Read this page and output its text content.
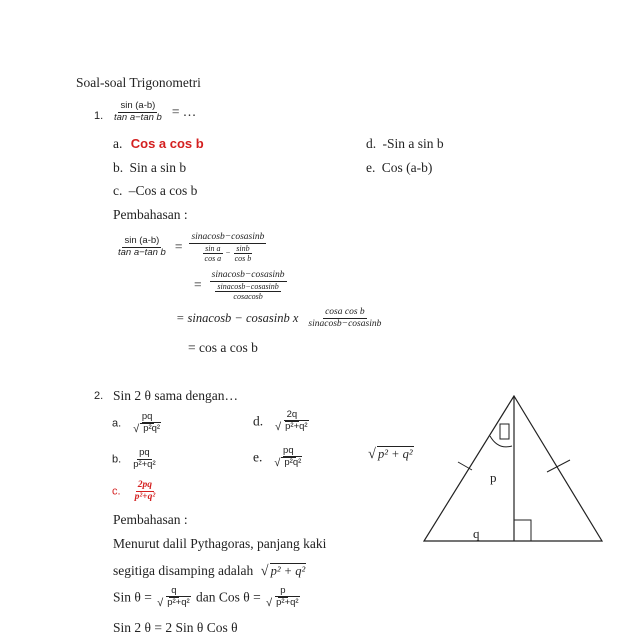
Soal-soal Trigonometri
1. $\frac{\sin (a-b)}{\text{tan a−tan b}}$ = …
a. Cos a cos b
b. Sin a sin b
c. –Cos a cos b
d. -Sin a sin b
e. Cos (a-b)
Pembahasan :
$\frac{\sin (a-b)}{\text{tan a−tan b}}$ =
sinacosb−cosasinb
$\frac{\text{sin a}}{\text{cos a}} - \frac{\sin b}{\text{cos b}}$
= $\frac{\text{sinacosb−cosasinb}}{\frac{\text{sinacosb−cosasinb}}{\text{cosacosb}}}$
= sinacosb − cosasinb x $\frac{\text{cosa cos b}}{\text{sinacosb−cosasinb}}$
= cos a cos b
2. Sin 2 θ sama dengan…
a. $\frac{pq}{\text{√ p²q²}}$
b. $\frac{pq}{\text{p²+q²}}$
c. $\frac{2pq}{\text{p²+q²}}$
d. $\frac{2q}{\text{√ p²+q²}}$
e. $\frac{pq}{\text{√ p²q²}}$	√ p² + q²
Pembahasan :
Menurut dalil Pythagoras, panjang kaki
segitiga disamping adalah √ p² + q²
Sin $\theta = \frac{q}{\text{√ p²+q²}}$ dan Cos $\theta = \frac{p}{\text{√ p²+q²}}$
Sin 2 θ = 2 Sin θ Cos θ
p
q
